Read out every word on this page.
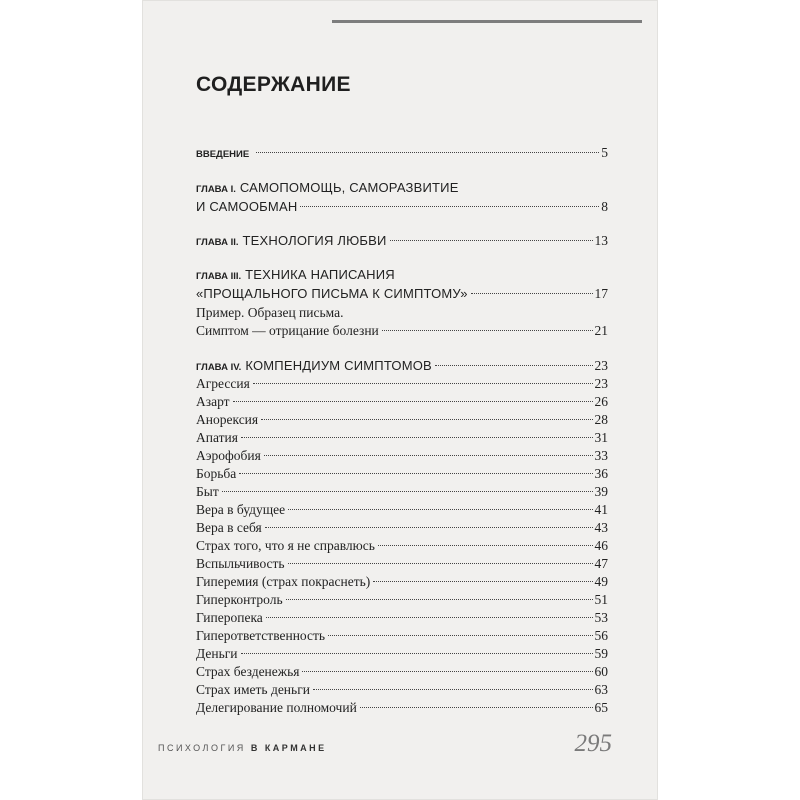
СОДЕРЖАНИЕ
ВВЕДЕНИЕ	5
ГЛАВА I. САМОПОМОЩЬ, САМОРАЗВИТИЕ
И САМООБМАН	8
ГЛАВА II. ТЕХНОЛОГИЯ ЛЮБВИ	13
ГЛАВА III. ТЕХНИКА НАПИСАНИЯ
«ПРОЩАЛЬНОГО ПИСЬМА К СИМПТОМУ»	17
Пример. Образец письма.
Симптом — отрицание болезни	21
ГЛАВА IV. КОМПЕНДИУМ СИМПТОМОВ	23
Агрессия	23
Азарт	26
Анорексия	28
Апатия	31
Аэрофобия	33
Борьба	36
Быт	39
Вера в будущее	41
Вера в себя	43
Страх того, что я не справлюсь	46
Вспыльчивость	47
Гиперемия (страх покраснеть)	49
Гиперконтроль	51
Гиперопека	53
Гиперответственность	56
Деньги	59
Страх безденежья	60
Страх иметь деньги	63
Делегирование полномочий	65
ПСИХОЛОГИЯ В КАРМАНЕ	295
